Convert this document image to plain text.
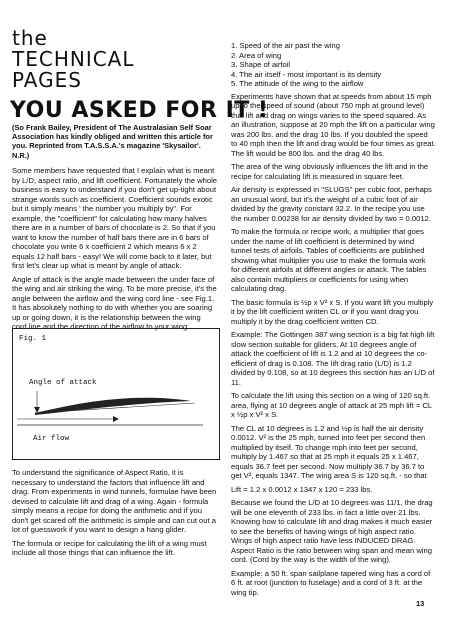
the
TECHNICAL
PAGES
YOU ASKED FOR IT !
(So Frank Bailey, President of The Australasian Self Soar Association has kindly obliged and written this article for you. Reprinted from T.A.S.S.A.'s magazine 'Skysailor'. N.R.)

Some members have requested that I explain what is meant by L/D, aspect ratio, and lift coefficient. Fortunately the whole business is easy to understand if you don't get up-tight about strange words such as coefficient. Coefficient sounds exotic but it simply means ' the number you multiply by". For example, the "coefficient" for calculating how many halves there are in a number of bars of chocolate is 2. So that if you want to know the number of half bars there are in 6 bars of chocolate you write 6 x coefficient 2 which means 6 x 2 equals 12 half bars - easy! We will come back to it later, but first let's clear up what is meant by angle of attack.

Angle of attack is the angle made between the under face of the wing and air striking the wing. To be more precise, it's the angle between the airflow and the wing cord line - see Fig.1. It has absolutely nothing to do with whether you are soaring up or going down, it is the relationship between the wing cord line and the direction of the airflow to your wing.

Fig. 1
Angle of attack
Air flow

To understand the significance of Aspect Ratio, it is necessary to understand the factors that influence lift and drag. From experiments in wind tunnels, formulae have been devised to calculate lift and drag of a wing. Again - formula simply means a recipe for doing the arithmetic and if you don't get scared off the arithmetic is simple and can cut out a lot of guesswork if you want to design a hang glider.

The formula or recipe for calculating the lift of a wing must include all those things that can influence the lift.

1. Speed of the air past the wing
2. Area of wing
3. Shape of airfoil
4. The air itself - most important is its density
5. The attitude of the wing to the airflow

Experiments have shown that at speeds from about 15 mph up to the speed of sound (about 750 mph at ground level) that lift and drag on wings varies to the speed squared. As an illustration, suppose at 20 mph the lift on a particular wing was 200 lbs. and the drag 10 lbs. If you doubled the speed to 40 mph then the lift and drag would be four times as great. The lift would be 800 lbs. and the drag 40 lbs.

The area of the wing obviously influences the lift and in the recipe for calculating lift is measured in square feet.

Air density is expressed in "SLUGS" per cubic foot, perhaps an unusual word, but it's the weight of a cubic foot of air divided by the gravity constant 32.2. In the recipe you use the number 0.00238 for air density divided by two = 0.0012.

To make the formula or recipe work, a multiplier that goes under the name of lift coefficient is determined by wind tunnel tests of airfoils. Tables of coefficients are published showing what multiplier you use to make the formula work for different airfoils at different angles or attack. The tables also contain multipliers or coefficients for using when calculating drag.

The basic formula is ½p x V² x S. If you want lift you multiply it by the lift coefficient written CL or if you want drag you multiply it by the drag coefficient written CD.

Example: The Gottingen 387 wing section is a big fat high lift slow section suitable for gliders. At 10 degrees angle of attack the coefficient of lift is 1.2 and at 10 degrees the co-efficient of drag is 0.108. The lift drag ratio (L/D) is 1.2 divided by 0.108, so at 10 degrees this section has an L/D of 11.

To calculate the lift using this section on a wing of 120 sq.ft. area, flying at 10 degrees angle of attack at 25 mph lift = CL x ½p x V² x S.

The CL at 10 degrees is 1.2 and ½p is half the air density 0.0012. V² is the 25 mph, turned into feet per second then multiplied by itself. To change mph into feet per second, multiply by 1.467 so that at 25 mph it equals 25 x 1.467, equals 36.7 feet per second. Now multiply 36.7 by 36.7 to get V², equals 1347. The wing area S is 120 sq.ft. - so that

Lift = 1.2 x 0.0012 x 1347 x 120 = 233 lbs.

Because we found the L/D at 10 degrees was 11/1, the drag will be one eleventh of 233 lbs. in fact a little over 21 lbs. Knowing how to calculate lift and drag makes it much easier to see the benefits of having wings of high aspect ratio. Wings of high aspect ratio have less INDUCED DRAG. Aspect Ratio is the ratio between wing span and mean wing cord. (Cord by the way is the width of the wing).

Example: a 50 ft. span sailplane tapered wing has a cord of 6 ft. at root (junction to fuselage) and a cord of 3 ft. at the wing tip.

13
